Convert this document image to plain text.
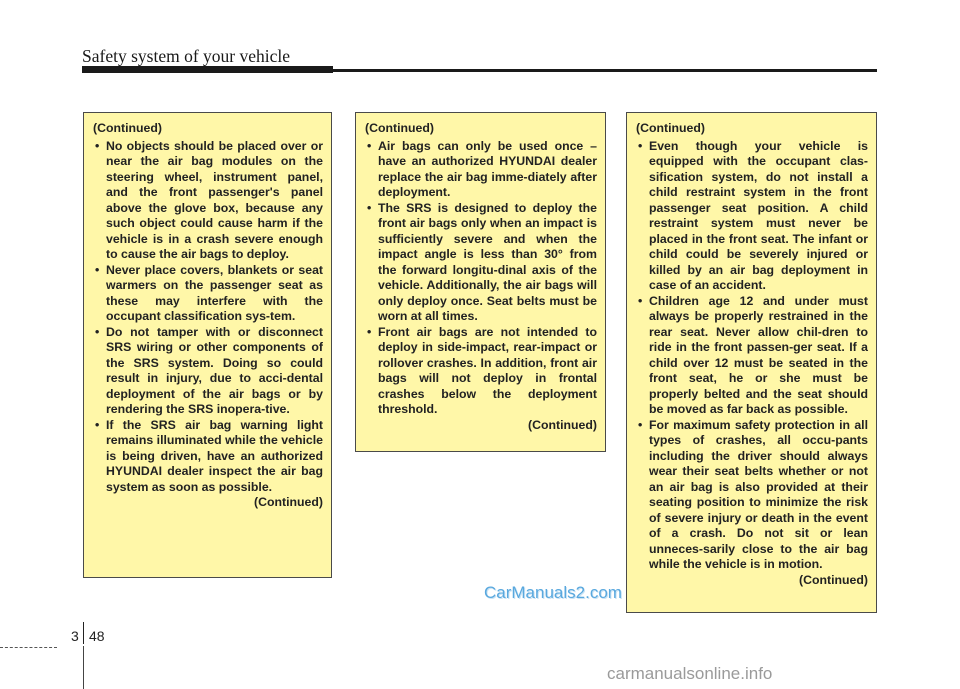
Safety system of your vehicle
(Continued)
• No objects should be placed over or near the air bag modules on the steering wheel, instrument panel, and the front passenger's panel above the glove box, because any such object could cause harm if the vehicle is in a crash severe enough to cause the air bags to deploy.
• Never place covers, blankets or seat warmers on the passenger seat as these may interfere with the occupant classification sys-tem.
• Do not tamper with or disconnect SRS wiring or other components of the SRS system. Doing so could result in injury, due to acci-dental deployment of the air bags or by rendering the SRS inopera-tive.
• If the SRS air bag warning light remains illuminated while the vehicle is being driven, have an authorized HYUNDAI dealer inspect the air bag system as soon as possible.
(Continued)
(Continued)
• Air bags can only be used once – have an authorized HYUNDAI dealer replace the air bag imme-diately after deployment.
• The SRS is designed to deploy the front air bags only when an impact is sufficiently severe and when the impact angle is less than 30° from the forward longitu-dinal axis of the vehicle. Additionally, the air bags will only deploy once. Seat belts must be worn at all times.
• Front air bags are not intended to deploy in side-impact, rear-impact or rollover crashes. In addition, front air bags will not deploy in frontal crashes below the deployment threshold.
(Continued)
(Continued)
• Even though your vehicle is equipped with the occupant clas-sification system, do not install a child restraint system in the front passenger seat position. A child restraint system must never be placed in the front seat. The infant or child could be severely injured or killed by an air bag deployment in case of an accident.
• Children age 12 and under must always be properly restrained in the rear seat. Never allow chil-dren to ride in the front passen-ger seat. If a child over 12 must be seated in the front seat, he or she must be properly belted and the seat should be moved as far back as possible.
• For maximum safety protection in all types of crashes, all occu-pants including the driver should always wear their seat belts whether or not an air bag is also provided at their seating position to minimize the risk of severe injury or death in the event of a crash. Do not sit or lean unneces-sarily close to the air bag while the vehicle is in motion.
(Continued)
CarManuals2.com
3 48
carmanualsonline.info
